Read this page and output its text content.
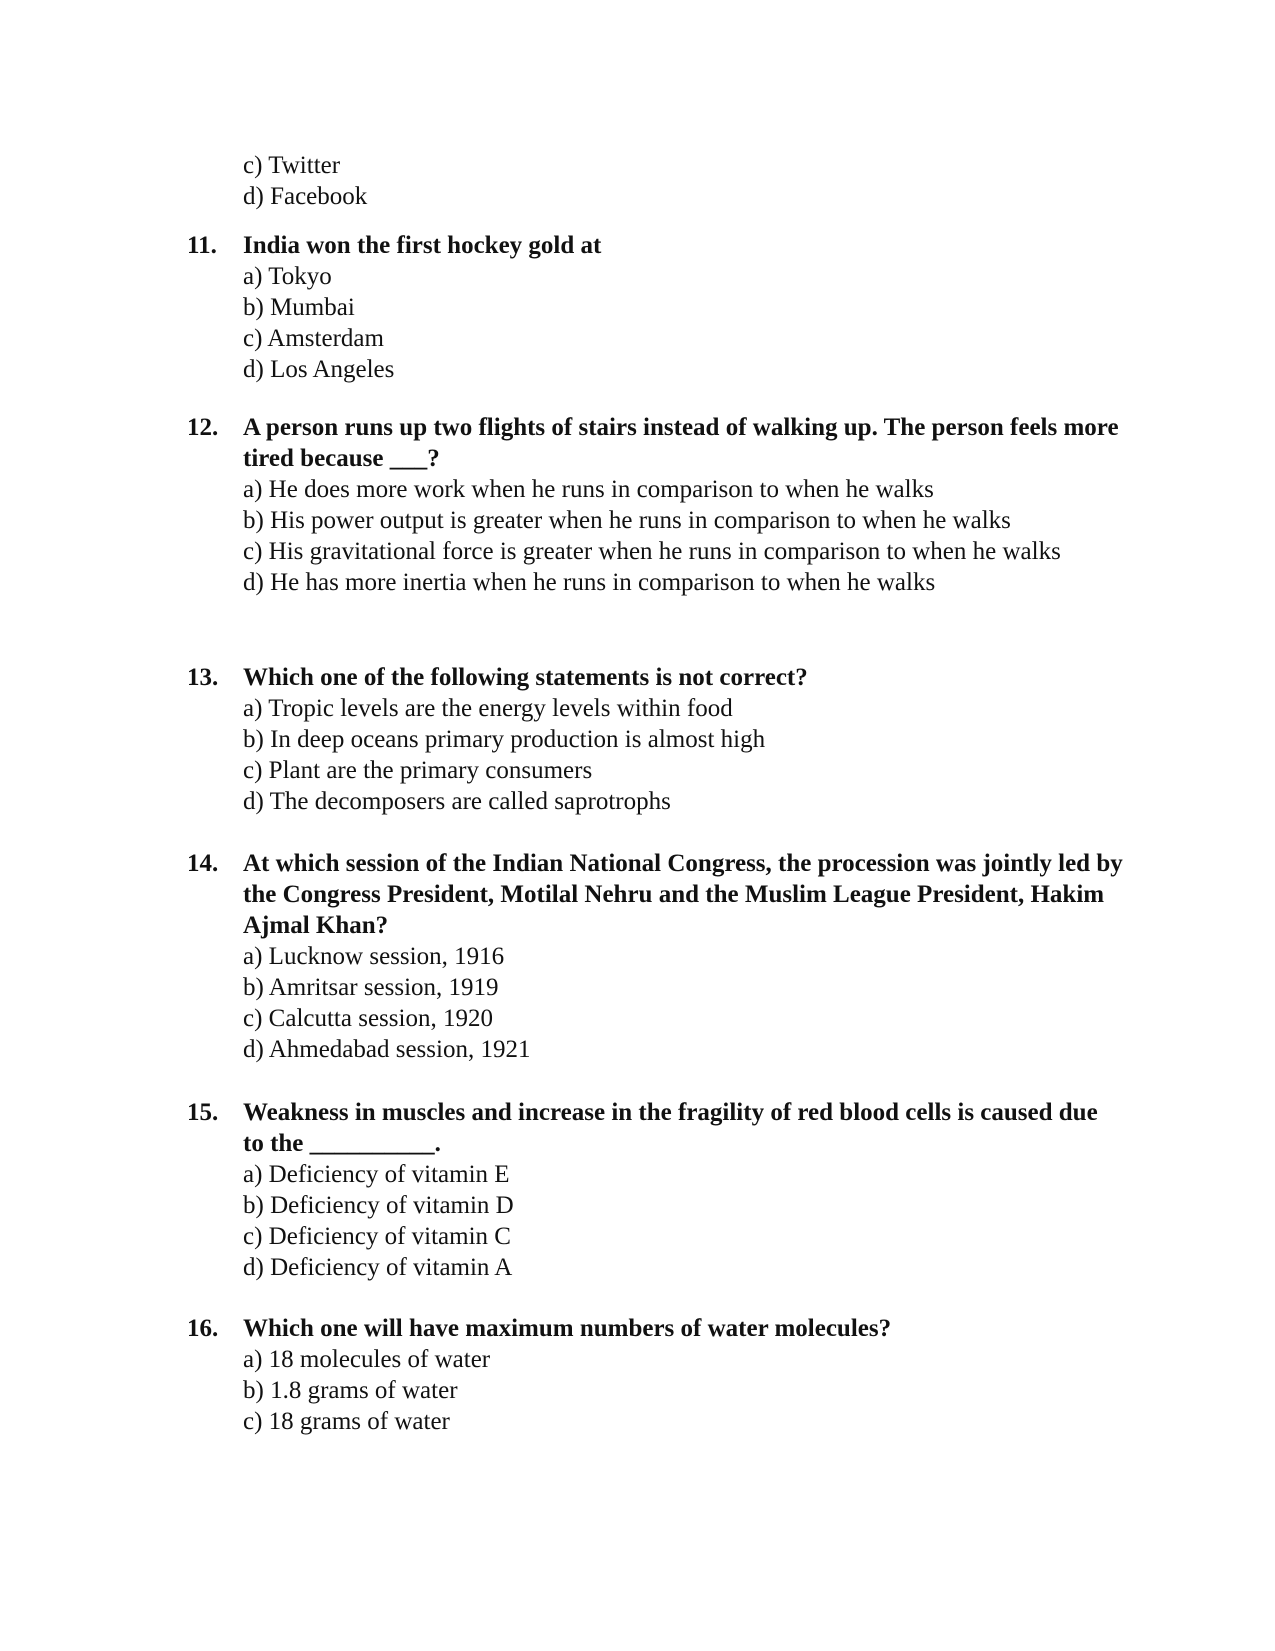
c) Twitter
d) Facebook
11.	India won the first hockey gold at
a) Tokyo
b) Mumbai
c) Amsterdam
d) Los Angeles
12. A person runs up two flights of stairs instead of walking up. The person feels more tired because ___?
a) He does more work when he runs in comparison to when he walks
b) His power output is greater when he runs in comparison to when he walks
c) His gravitational force is greater when he runs in comparison to when he walks
d) He has more inertia when he runs in comparison to when he walks
13. Which one of the following statements is not correct?
a) Tropic levels are the energy levels within food
b) In deep oceans primary production is almost high
c) Plant are the primary consumers
d) The decomposers are called saprotrophs
14. At which session of the Indian National Congress, the procession was jointly led by the Congress President, Motilal Nehru and the Muslim League President, Hakim Ajmal Khan?
a) Lucknow session, 1916
b) Amritsar session, 1919
c) Calcutta session, 1920
d) Ahmedabad session, 1921
15. Weakness in muscles and increase in the fragility of red blood cells is caused due to the __________.
a) Deficiency of vitamin E
b) Deficiency of vitamin D
c) Deficiency of vitamin C
d) Deficiency of vitamin A
16. Which one will have maximum numbers of water molecules?
a) 18 molecules of water
b) 1.8 grams of water
c) 18 grams of water
